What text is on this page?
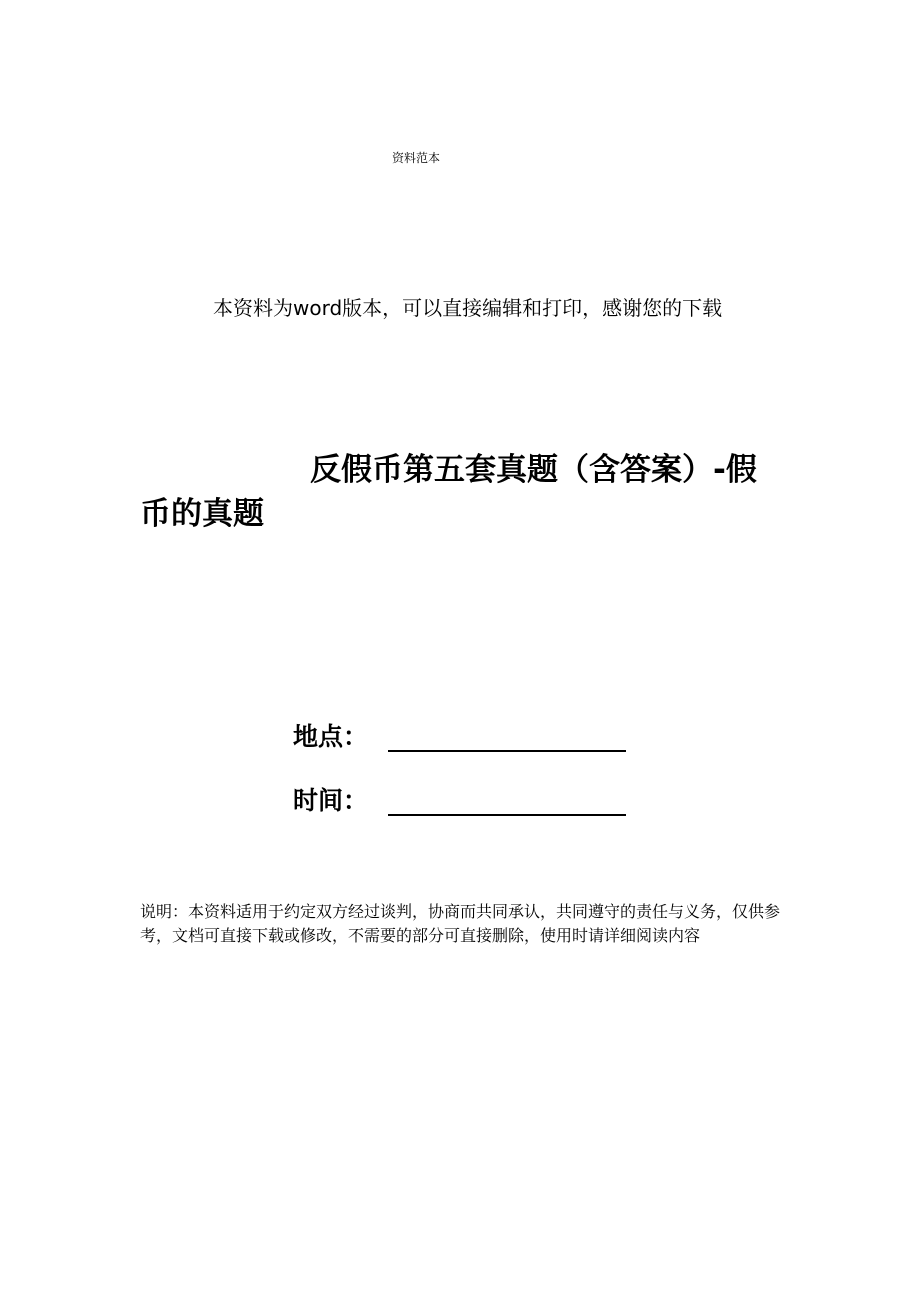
资料范本
本资料为word版本，可以直接编辑和打印，感谢您的下载
反假币第五套真题（含答案）-假 币的真题
地点：
时间：
说明：本资料适用于约定双方经过谈判，协商而共同承认，共同遵守的责任与义务，仅供参考，文档可直接下载或修改，不需要的部分可直接删除，使用时请详细阅读内容
